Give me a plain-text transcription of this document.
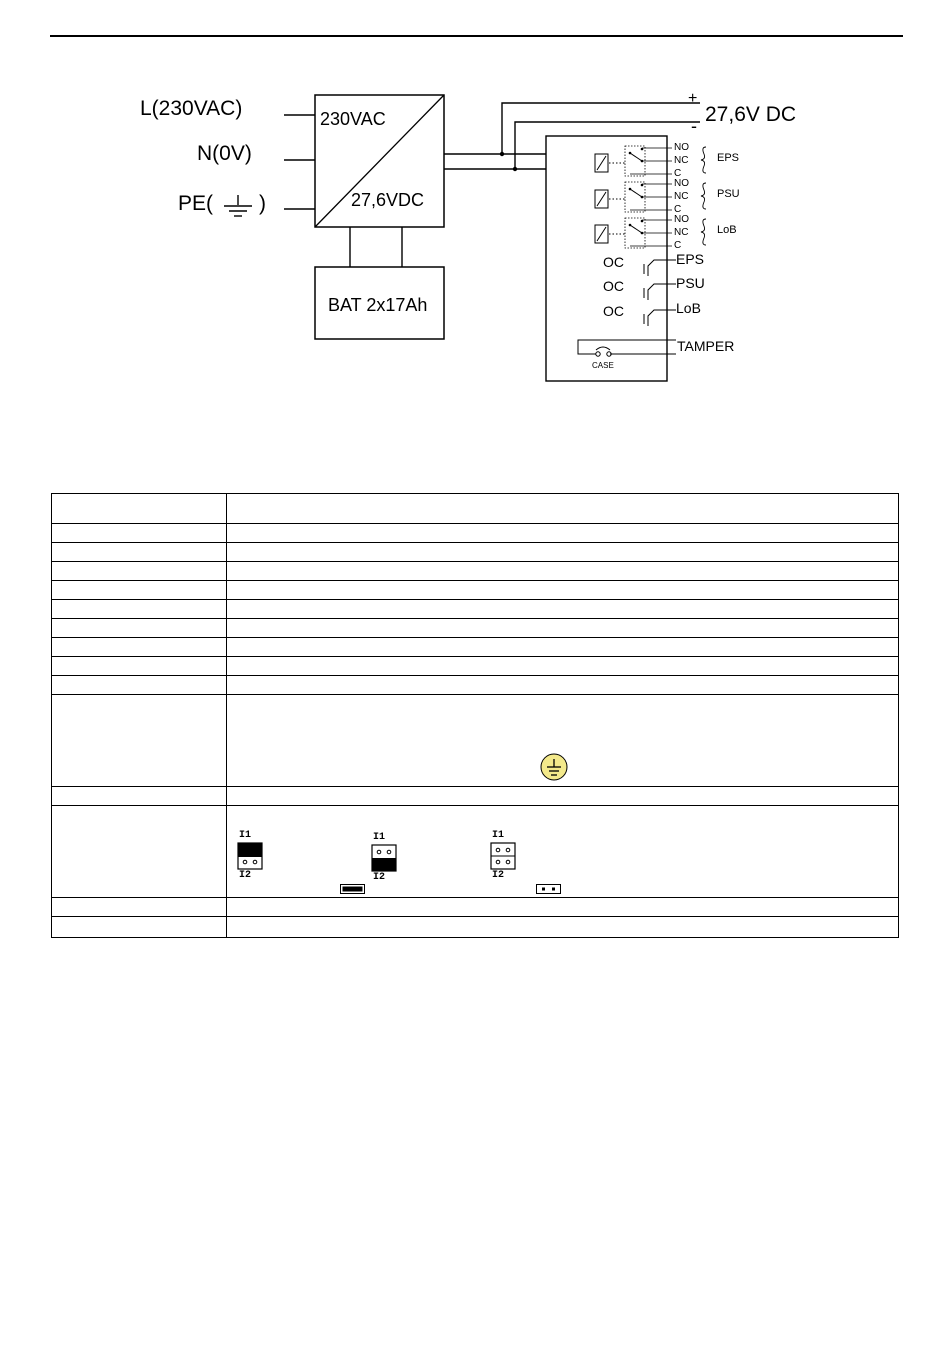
L(230VAC)
N(0V)
PE( )
230VAC
27,6VDC
BAT 2x17Ah
+
- 27,6V DC
NO
NC
C
EPS
NO
NC
C
PSU
NO
NC
C
LoB
OC
OC
OC
EPS
PSU
LoB
TAMPER
CASE

I1
I2
I1
I2
I1
I2
